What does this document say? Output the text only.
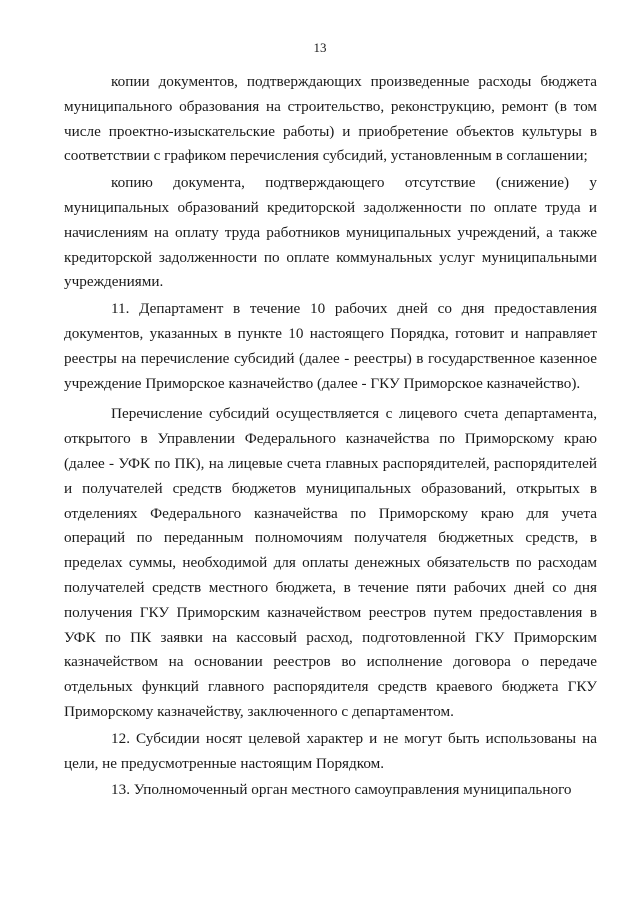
13

копии документов, подтверждающих произведенные расходы бюджета муниципального образования на строительство, реконструкцию, ремонт (в том числе проектно-изыскательские работы) и приобретение объектов культуры в соответствии с графиком перечисления субсидий, установленным в соглашении;

копию документа, подтверждающего отсутствие (снижение) у муниципальных образований кредиторской задолженности по оплате труда и начислениям на оплату труда работников муниципальных учреждений, а также кредиторской задолженности по оплате коммунальных услуг муниципальными учреждениями.

11. Департамент в течение 10 рабочих дней со дня предоставления документов, указанных в пункте 10 настоящего Порядка, готовит и направляет реестры на перечисление субсидий (далее - реестры) в государственное казенное учреждение Приморское казначейство (далее - ГКУ Приморское казначейство).

Перечисление субсидий осуществляется с лицевого счета департамента, открытого в Управлении Федерального казначейства по Приморскому краю (далее - УФК по ПК), на лицевые счета главных распорядителей, распорядителей и получателей средств бюджетов муниципальных образований, открытых в отделениях Федерального казначейства по Приморскому краю для учета операций по переданным полномочиям получателя бюджетных средств, в пределах суммы, необходимой для оплаты денежных обязательств по расходам получателей средств местного бюджета, в течение пяти рабочих дней со дня получения ГКУ Приморским казначейством реестров путем предоставления в УФК по ПК заявки на кассовый расход, подготовленной ГКУ Приморским казначейством на основании реестров во исполнение договора о передаче отдельных функций главного распорядителя средств краевого бюджета ГКУ Приморскому казначейству, заключенного с департаментом.

12. Субсидии носят целевой характер и не могут быть использованы на цели, не предусмотренные настоящим Порядком.

13. Уполномоченный орган местного самоуправления муниципального
